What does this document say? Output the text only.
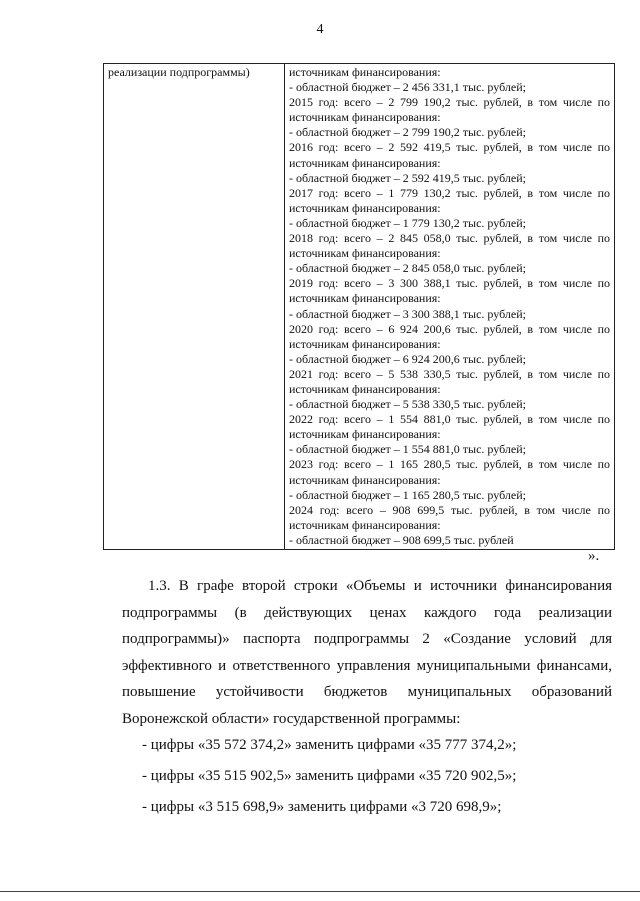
4
реализации подпрограммы)	источникам финансирования:
- областной бюджет – 2 456 331,1 тыс. рублей;
2015 год: всего – 2 799 190,2 тыс. рублей, в том числе по
источникам финансирования:
- областной бюджет – 2 799 190,2 тыс. рублей;
2016 год: всего – 2 592 419,5 тыс. рублей, в том числе по
источникам финансирования:
- областной бюджет – 2 592 419,5 тыс. рублей;
2017 год: всего – 1 779 130,2 тыс. рублей, в том числе по
источникам финансирования:
- областной бюджет – 1 779 130,2 тыс. рублей;
2018 год: всего – 2 845 058,0 тыс. рублей, в том числе по
источникам финансирования:
- областной бюджет – 2 845 058,0 тыс. рублей;
2019 год: всего – 3 300 388,1 тыс. рублей, в том числе по
источникам финансирования:
- областной бюджет – 3 300 388,1 тыс. рублей;
2020 год: всего – 6 924 200,6 тыс. рублей, в том числе по
источникам финансирования:
- областной бюджет – 6 924 200,6 тыс. рублей;
2021 год: всего – 5 538 330,5 тыс. рублей, в том числе по
источникам финансирования:
- областной бюджет – 5 538 330,5 тыс. рублей;
2022 год: всего – 1 554 881,0 тыс. рублей, в том числе по
источникам финансирования:
- областной бюджет – 1 554 881,0 тыс. рублей;
2023 год: всего – 1 165 280,5 тыс. рублей, в том числе по
источникам финансирования:
- областной бюджет – 1 165 280,5 тыс. рублей;
2024 год: всего – 908 699,5 тыс. рублей, в том числе по
источникам финансирования:
- областной бюджет – 908 699,5 тыс. рублей
».
1.3. В графе второй строки «Объемы и источники финансирования
подпрограммы (в действующих ценах каждого года реализации
подпрограммы)» паспорта подпрограммы 2 «Создание условий для
эффективного и ответственного управления муниципальными финансами,
повышение устойчивости бюджетов муниципальных образований
Воронежской области» государственной программы:
- цифры «35 572 374,2» заменить цифрами «35 777 374,2»;
- цифры «35 515 902,5» заменить цифрами «35 720 902,5»;
- цифры «3 515 698,9» заменить цифрами «3 720 698,9»;
